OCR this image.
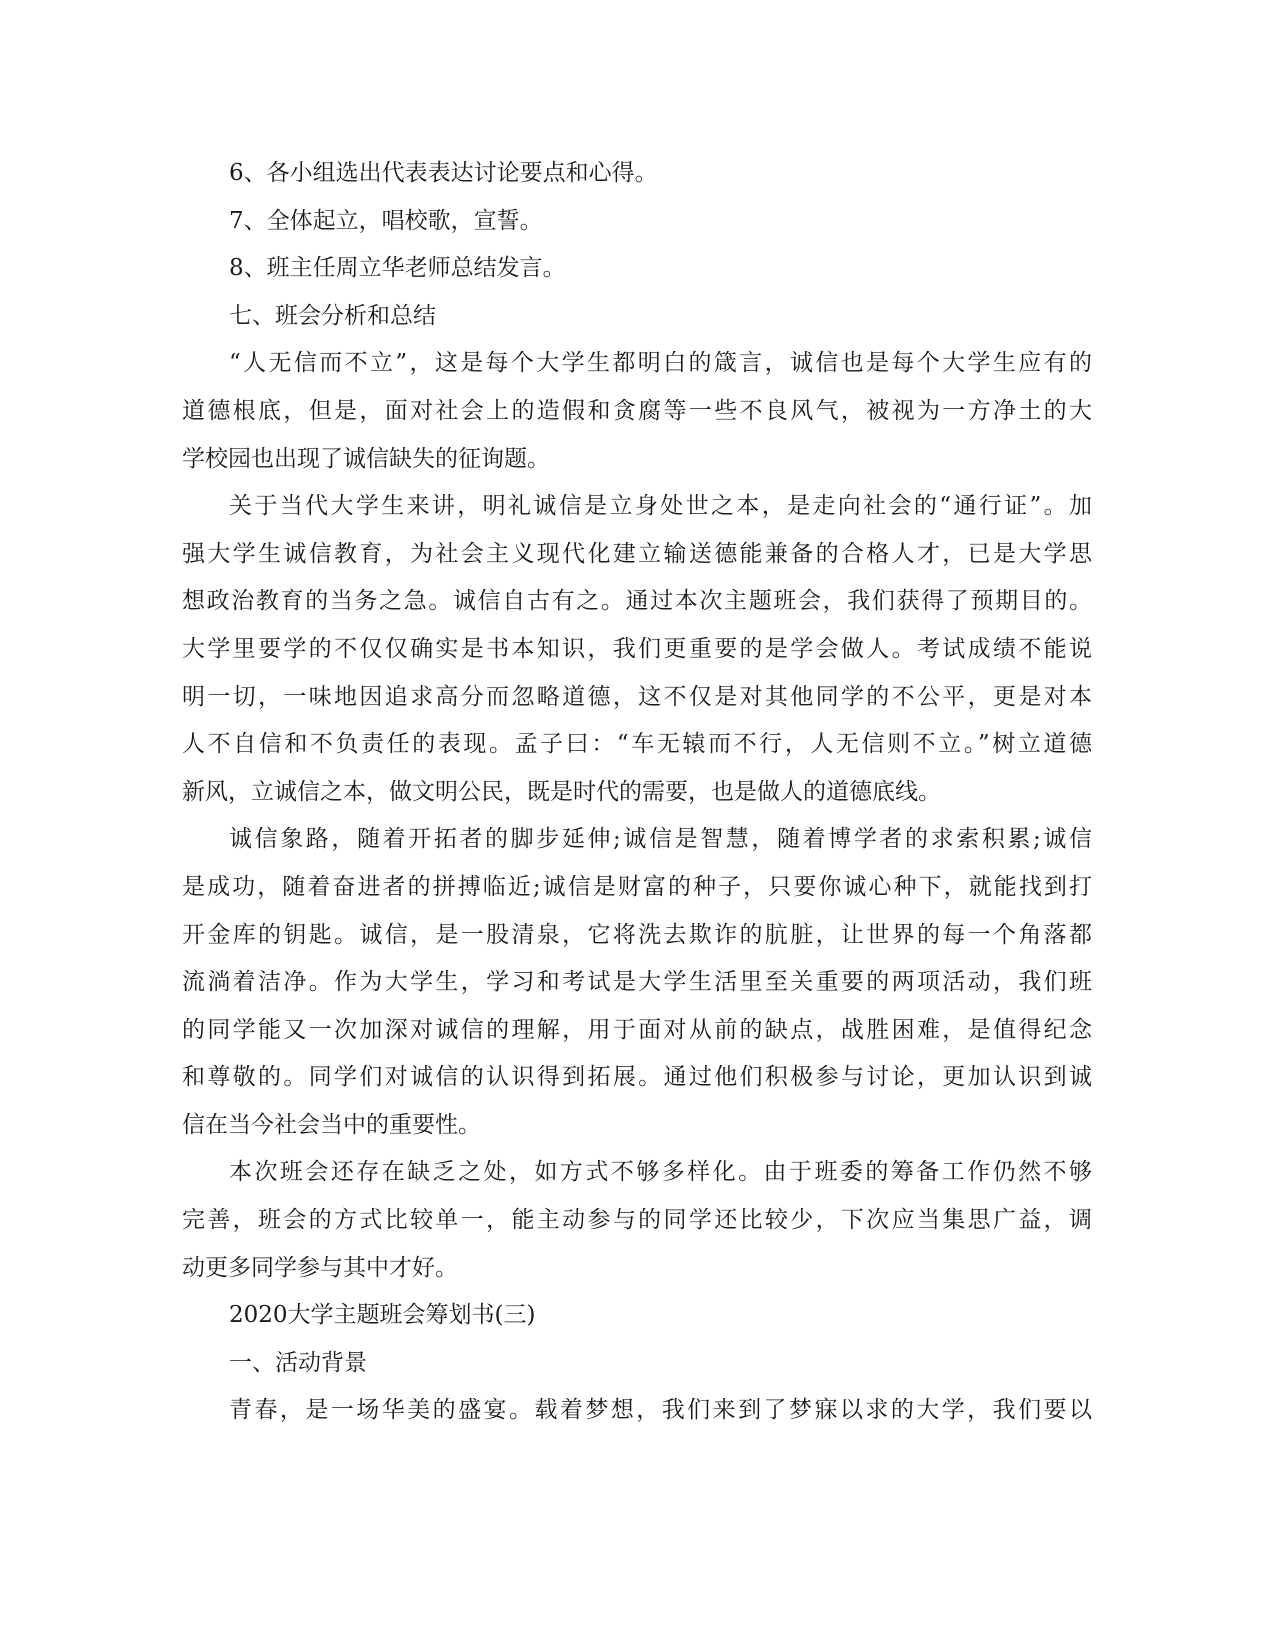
6、各小组选出代表表达讨论要点和心得。

7、全体起立，唱校歌，宣誓。

8、班主任周立华老师总结发言。

七、班会分析和总结

“人无信而不立”，这是每个大学生都明白的箴言，诚信也是每个大学生应有的

道德根底，但是，面对社会上的造假和贪腐等一些不良风气，被视为一方净土的大

学校园也出现了诚信缺失的征询题。

关于当代大学生来讲，明礼诚信是立身处世之本，是走向社会的“通行证”。加

强大学生诚信教育，为社会主义现代化建立输送德能兼备的合格人才，已是大学思

想政治教育的当务之急。诚信自古有之。通过本次主题班会，我们获得了预期目的。

大学里要学的不仅仅确实是书本知识，我们更重要的是学会做人。考试成绩不能说

明一切，一味地因追求高分而忽略道德，这不仅是对其他同学的不公平，更是对本

人不自信和不负责任的表现。孟子曰：“车无辕而不行，人无信则不立。”树立道德

新风，立诚信之本，做文明公民，既是时代的需要，也是做人的道德底线。

诚信象路，随着开拓者的脚步延伸;诚信是智慧，随着博学者的求索积累;诚信

是成功，随着奋进者的拼搏临近;诚信是财富的种子，只要你诚心种下，就能找到打

开金库的钥匙。诚信，是一股清泉，它将洗去欺诈的肮脏，让世界的每一个角落都

流淌着洁净。作为大学生，学习和考试是大学生活里至关重要的两项活动，我们班

的同学能又一次加深对诚信的理解，用于面对从前的缺点，战胜困难，是值得纪念

和尊敬的。同学们对诚信的认识得到拓展。通过他们积极参与讨论，更加认识到诚

信在当今社会当中的重要性。

本次班会还存在缺乏之处，如方式不够多样化。由于班委的筹备工作仍然不够

完善，班会的方式比较单一，能主动参与的同学还比较少，下次应当集思广益，调

动更多同学参与其中才好。

2020大学主题班会筹划书(三)

一、活动背景

青春，是一场华美的盛宴。载着梦想，我们来到了梦寐以求的大学，我们要以
